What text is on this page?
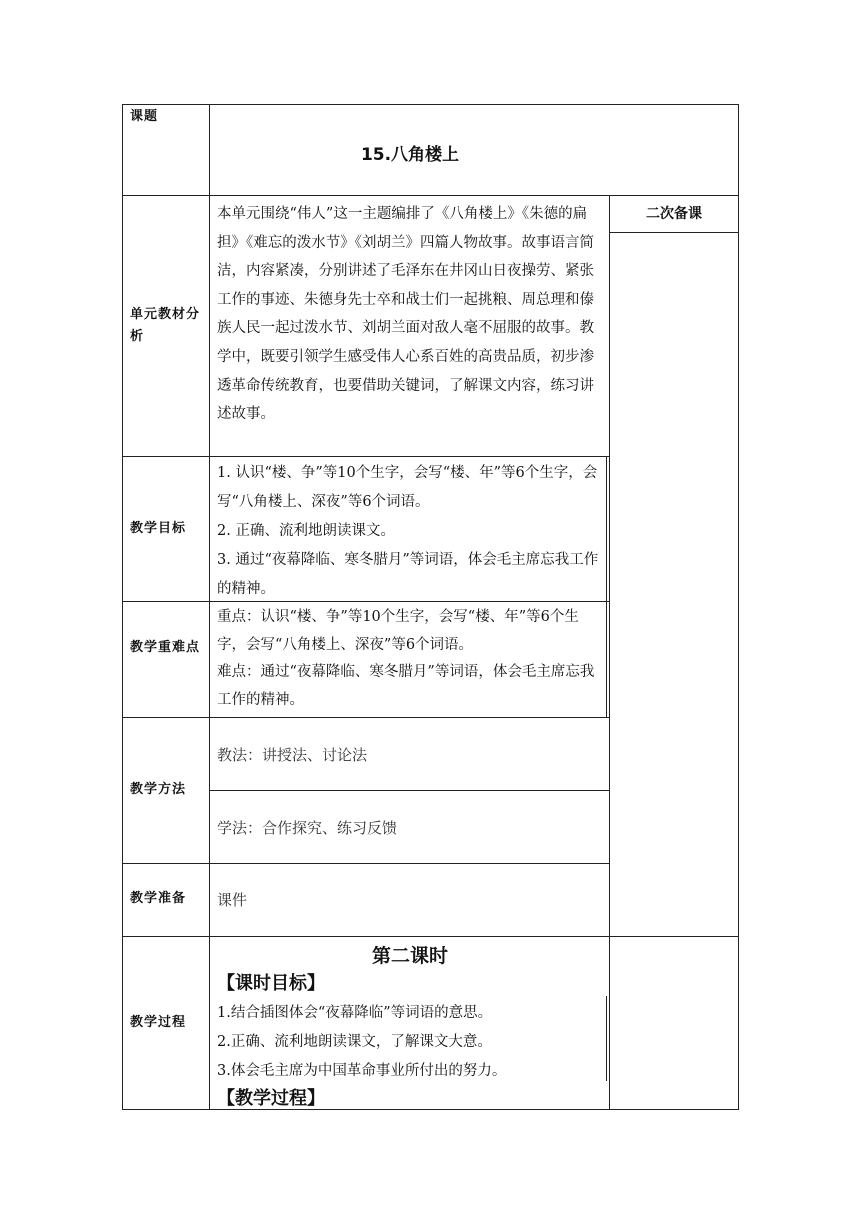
课题
单元教材分析
教学目标
教学重难点
教学方法
教学准备
教学过程
15.八角楼上
二次备课
本单元围绕“伟人”这一主题编排了《八角楼上》《朱德的扁担》《难忘的泼水节》《刘胡兰》四篇人物故事。故事语言简洁，内容紧凑，分别讲述了毛泽东在井冈山日夜操劳、紧张工作的事迹、朱德身先士卒和战士们一起挑粮、周总理和傣族人民一起过泼水节、刘胡兰面对敌人毫不屈服的故事。教学中，既要引领学生感受伟人心系百姓的高贵品质，初步渗透革命传统教育，也要借助关键词，了解课文内容，练习讲述故事。
1. 认识“楼、争”等10个生字，会写“楼、年”等6个生字，会写“八角楼上、深夜”等6个词语。
2. 正确、流利地朗读课文。
3. 通过“夜幕降临、寒冬腊月”等词语，体会毛主席忘我工作的精神。
重点：认识“楼、争”等10个生字，会写“楼、年”等6个生字，会写“八角楼上、深夜”等6个词语。
难点：通过“夜幕降临、寒冬腊月”等词语，体会毛主席忘我工作的精神。
教法：讲授法、讨论法
学法：合作探究、练习反馈
课件
第二课时
【课时目标】
1.结合插图体会“夜幕降临”等词语的意思。
2.正确、流利地朗读课文，了解课文大意。
3.体会毛主席为中国革命事业所付出的努力。
【教学过程】
